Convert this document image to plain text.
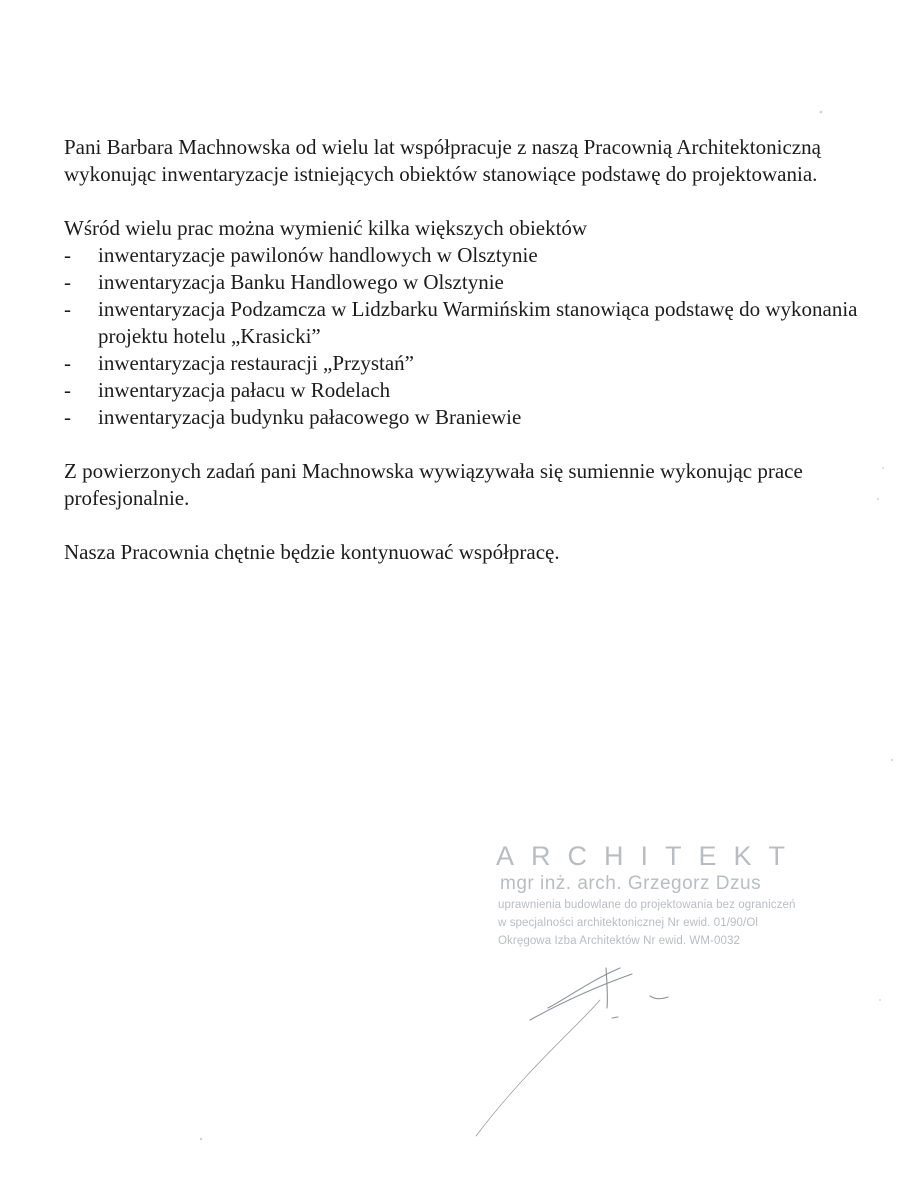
Pani Barbara Machnowska od wielu lat współpracuje z naszą Pracownią Architektoniczną wykonując inwentaryzacje istniejących obiektów stanowiące podstawę do projektowania.

Wśród wielu prac można wymienić kilka większych obiektów

- inwentaryzacje pawilonów handlowych w Olsztynie
- inwentaryzacja Banku Handlowego w Olsztynie
- inwentaryzacja Podzamcza w Lidzbarku Warmińskim stanowiąca podstawę do wykonania projektu hotelu „Krasicki”
- inwentaryzacja restauracji „Przystań”
- inwentaryzacja pałacu w Rodelach
- inwentaryzacja budynku pałacowego w Braniewie

Z powierzonych zadań pani Machnowska wywiązywała się sumiennie wykonując prace profesjonalnie.

Nasza Pracownia chętnie będzie kontynuować współpracę.

ARCHITEKT
mgr inż. arch. Grzegorz Dzus
uprawnienia budowlane do projektowania bez ograniczeń
w specjalności architektonicznej Nr ewid. 01/90/Ol
Okręgowa Izba Architektów Nr ewid. WM-0032
